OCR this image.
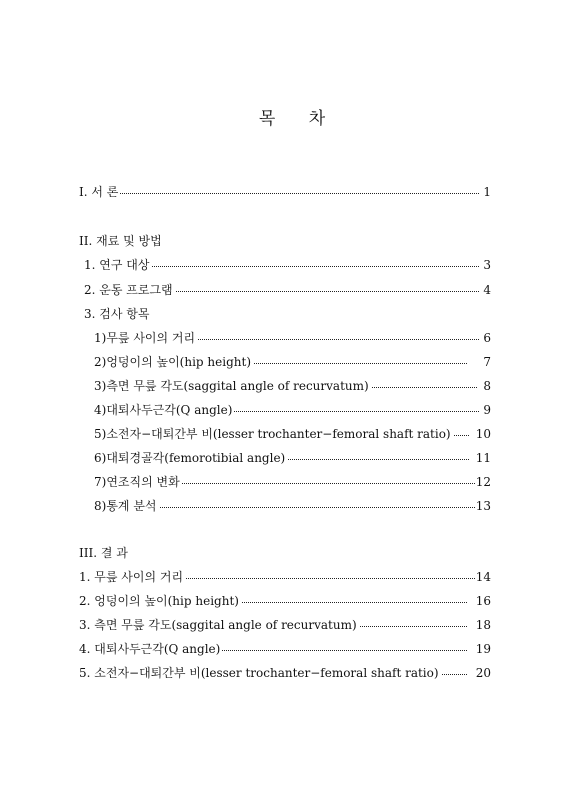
목 차
I. 서 론	1
II. 재료 및 방법
1. 연구 대상	3
2. 운동 프로그램	4
3. 검사 항목
1)무릎 사이의 거리	6
2)엉덩이의 높이(hip height)	7
3)측면 무릎 각도(saggital angle of recurvatum)	8
4)대퇴사두근각(Q angle)	9
5)소전자−대퇴간부 비(lesser trochanter−femoral shaft ratio) 10
6)대퇴경골각(femorotibial angle)	11
7)연조직의 변화	12
8)통계 분석	13
III. 결 과
1. 무릎 사이의 거리	14
2. 엉덩이의 높이(hip height)	16
3. 측면 무릎 각도(saggital angle of recurvatum)	18
4. 대퇴사두근각(Q angle)	19
5. 소전자−대퇴간부 비(lesser trochanter−femoral shaft ratio)	20
